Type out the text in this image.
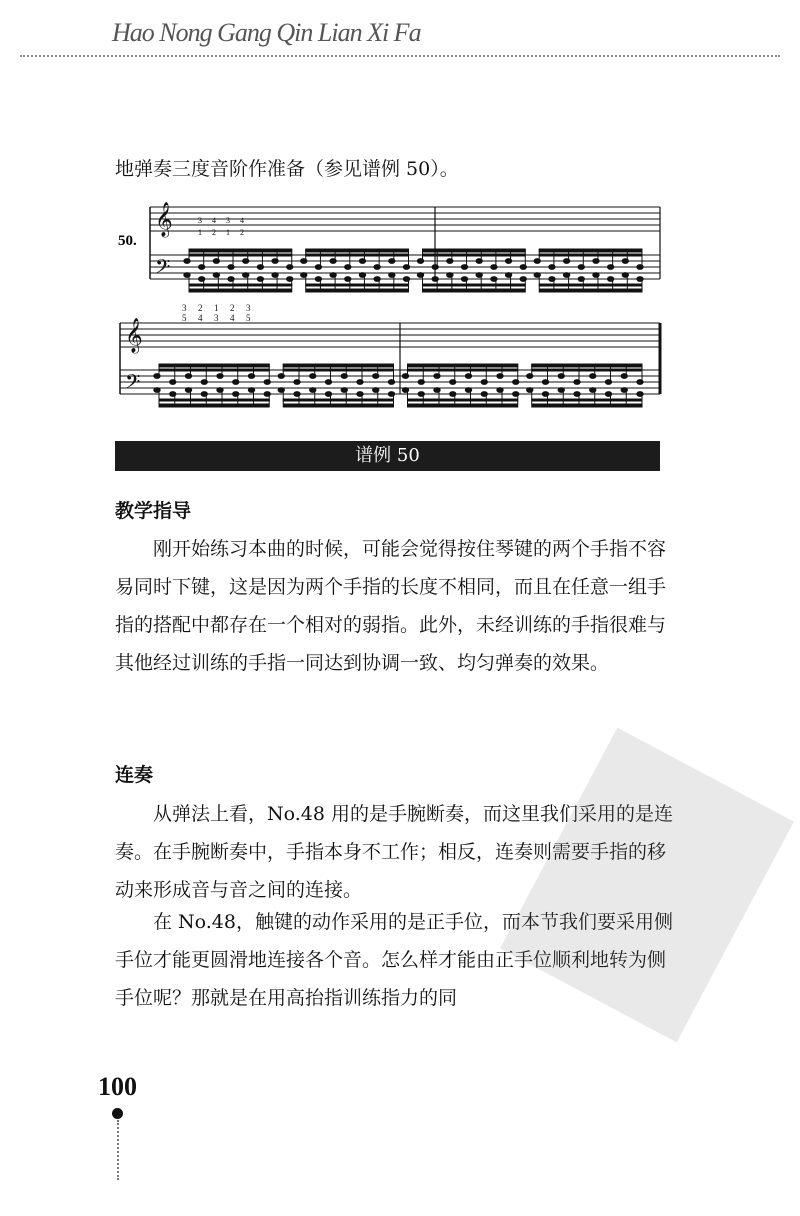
Hao Nong Gang Qin Lian Xi Fa

地弹奏三度音阶作准备（参见谱例 50）。

𝄞
𝄢
𝄞
𝄢
50.
3
5
2
4
1
3
2
4
3
5
3
1
4
2
3
1
4
2
谱例 50

教学指导

刚开始练习本曲的时候，可能会觉得按住琴键的两个手指不容易同时下键，这是因为两个手指的长度不相同，而且在任意一组手指的搭配中都存在一个相对的弱指。此外，未经训练的手指很难与其他经过训练的手指一同达到协调一致、均匀弹奏的效果。

连奏

从弹法上看，No.48 用的是手腕断奏，而这里我们采用的是连奏。在手腕断奏中，手指本身不工作；相反，连奏则需要手指的移动来形成音与音之间的连接。

在 No.48，触键的动作采用的是正手位，而本节我们要采用侧手位才能更圆滑地连接各个音。怎么样才能由正手位顺利地转为侧手位呢？那就是在用高抬指训练指力的同

100
